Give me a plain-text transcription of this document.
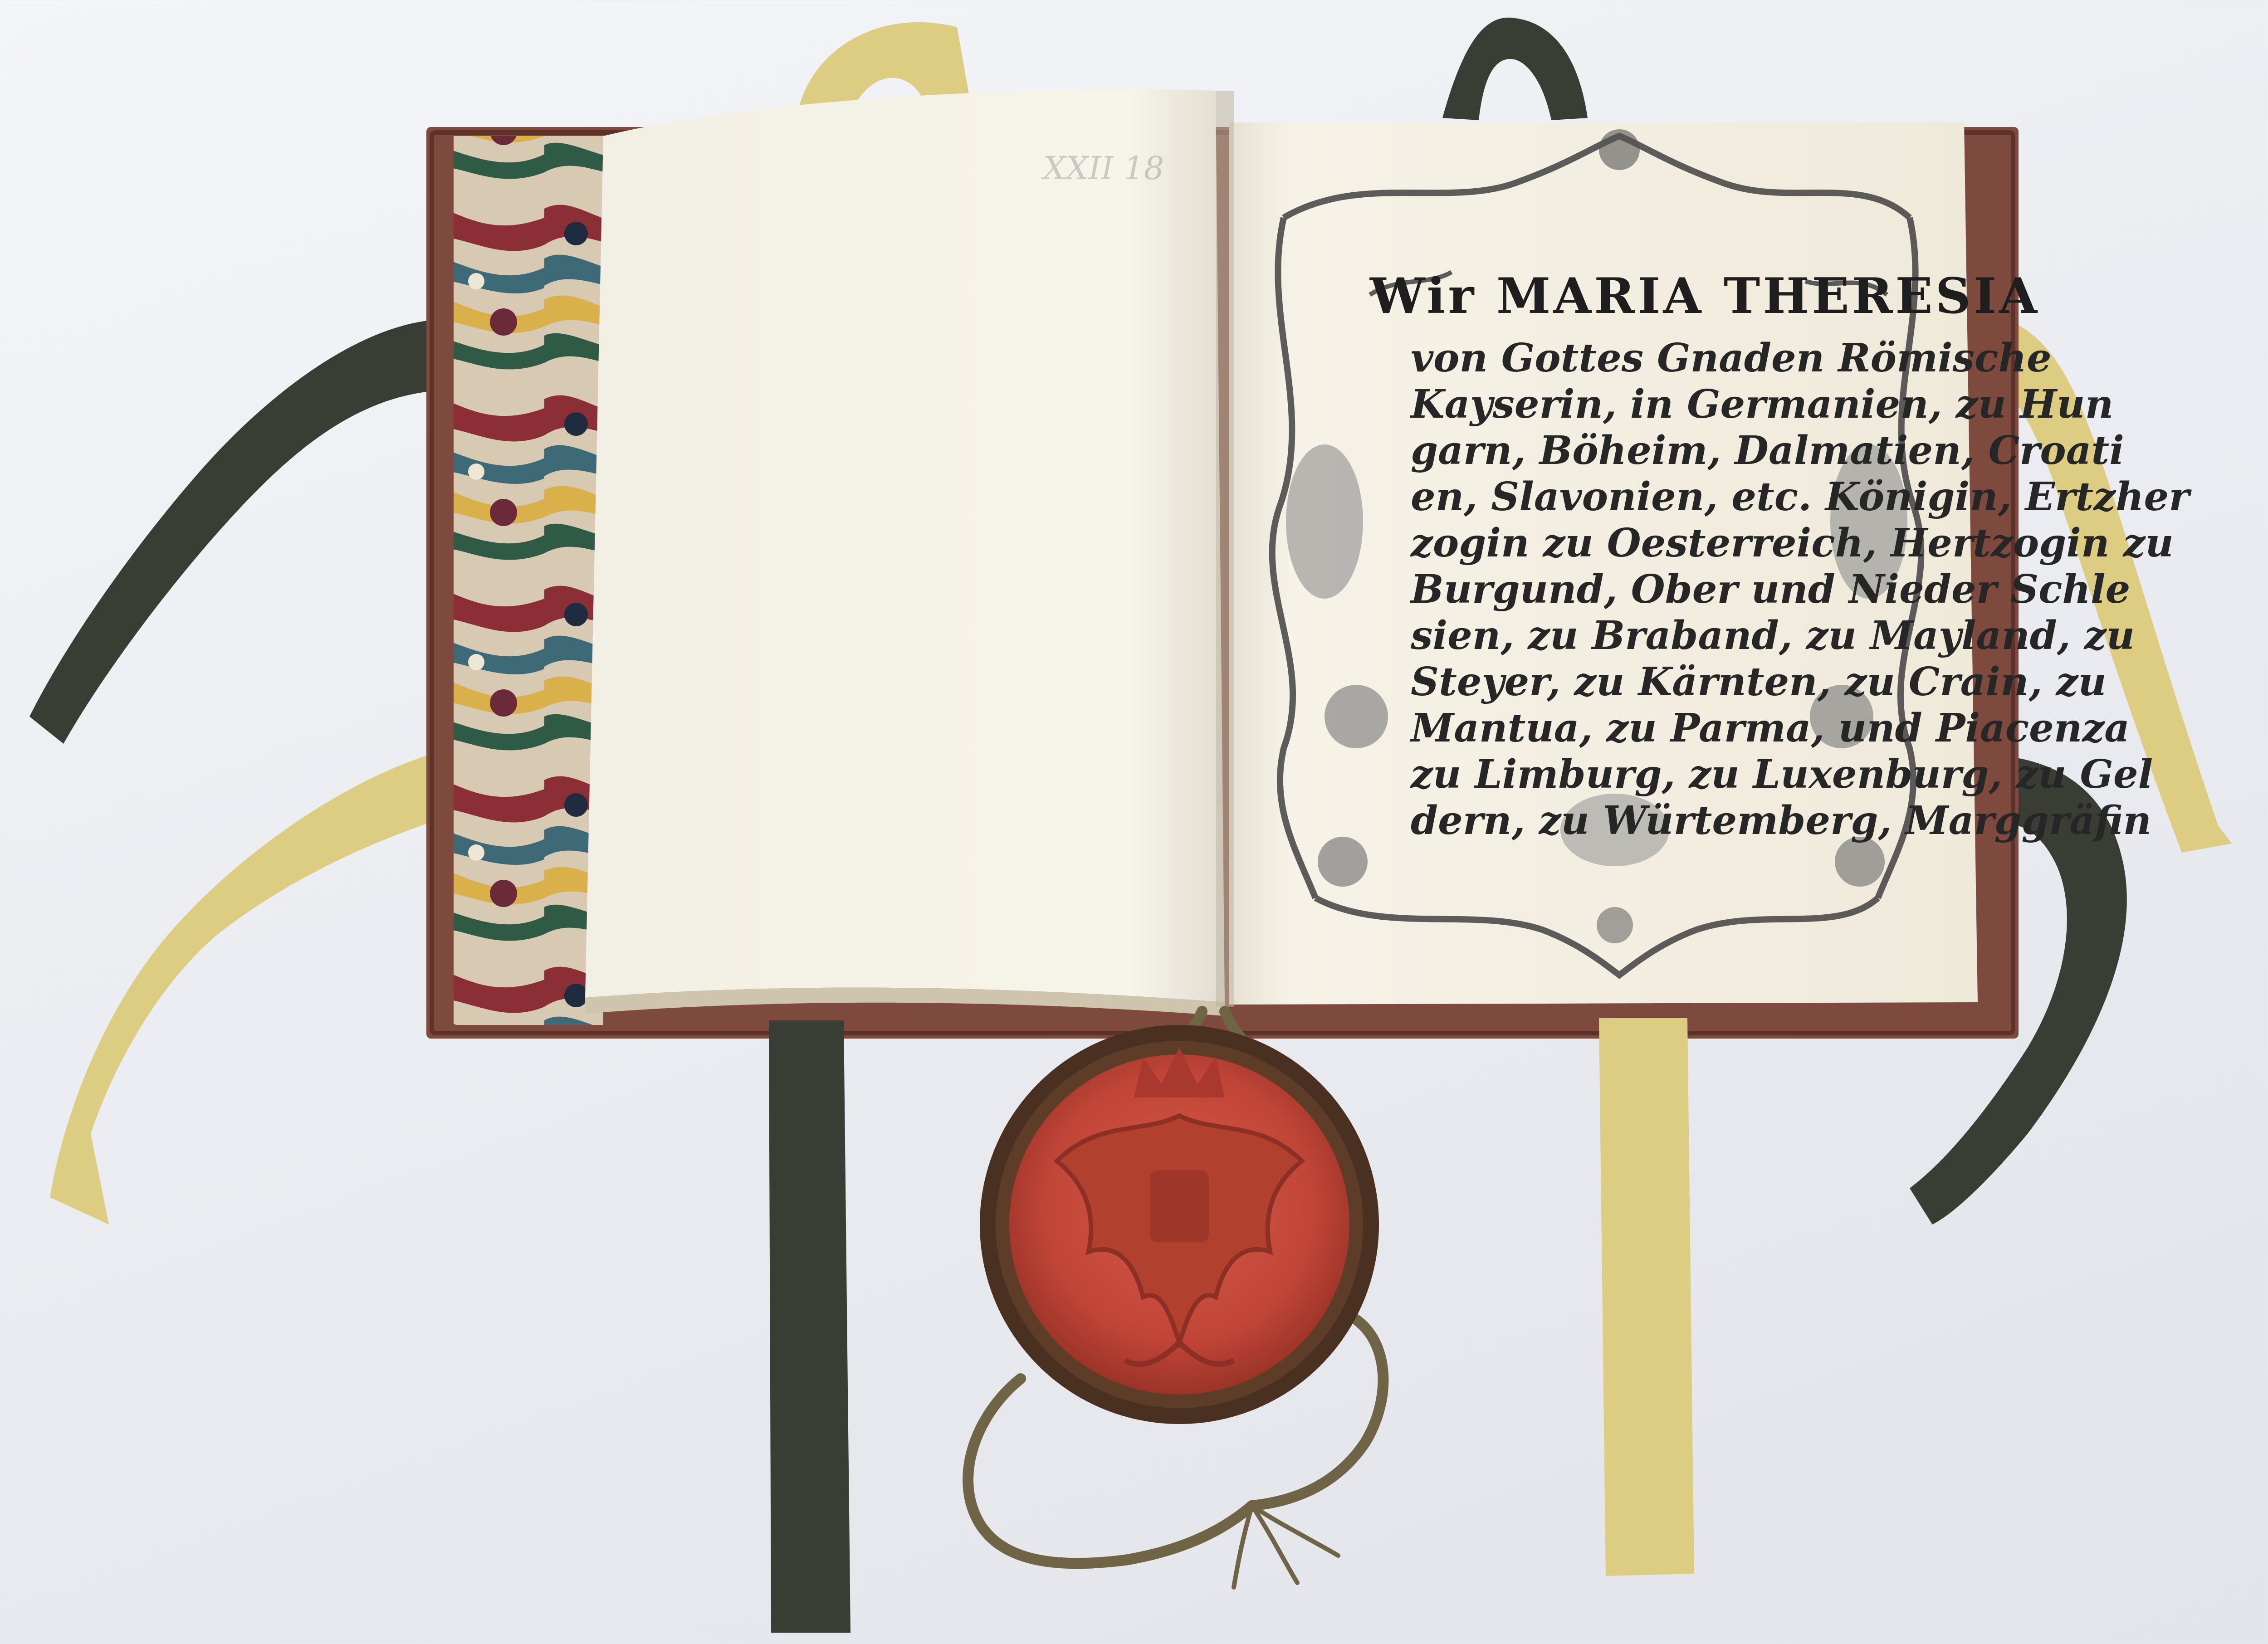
XXII 18
Wir MARIA THERESIA
von Gottes Gnaden Römische
Kayserin, in Germanien, zu Hun
garn, Böheim, Dalmatien, Croati
en, Slavonien, etc. Königin, Ertzher
zogin zu Oesterreich, Hertzogin zu
Burgund, Ober und Nieder Schle
sien, zu Braband, zu Mayland, zu
Steyer, zu Kärnten, zu Crain, zu
Mantua, zu Parma, und Piacenza
zu Limburg, zu Luxenburg, zu Gel
dern, zu Würtemberg, Marggräfin
